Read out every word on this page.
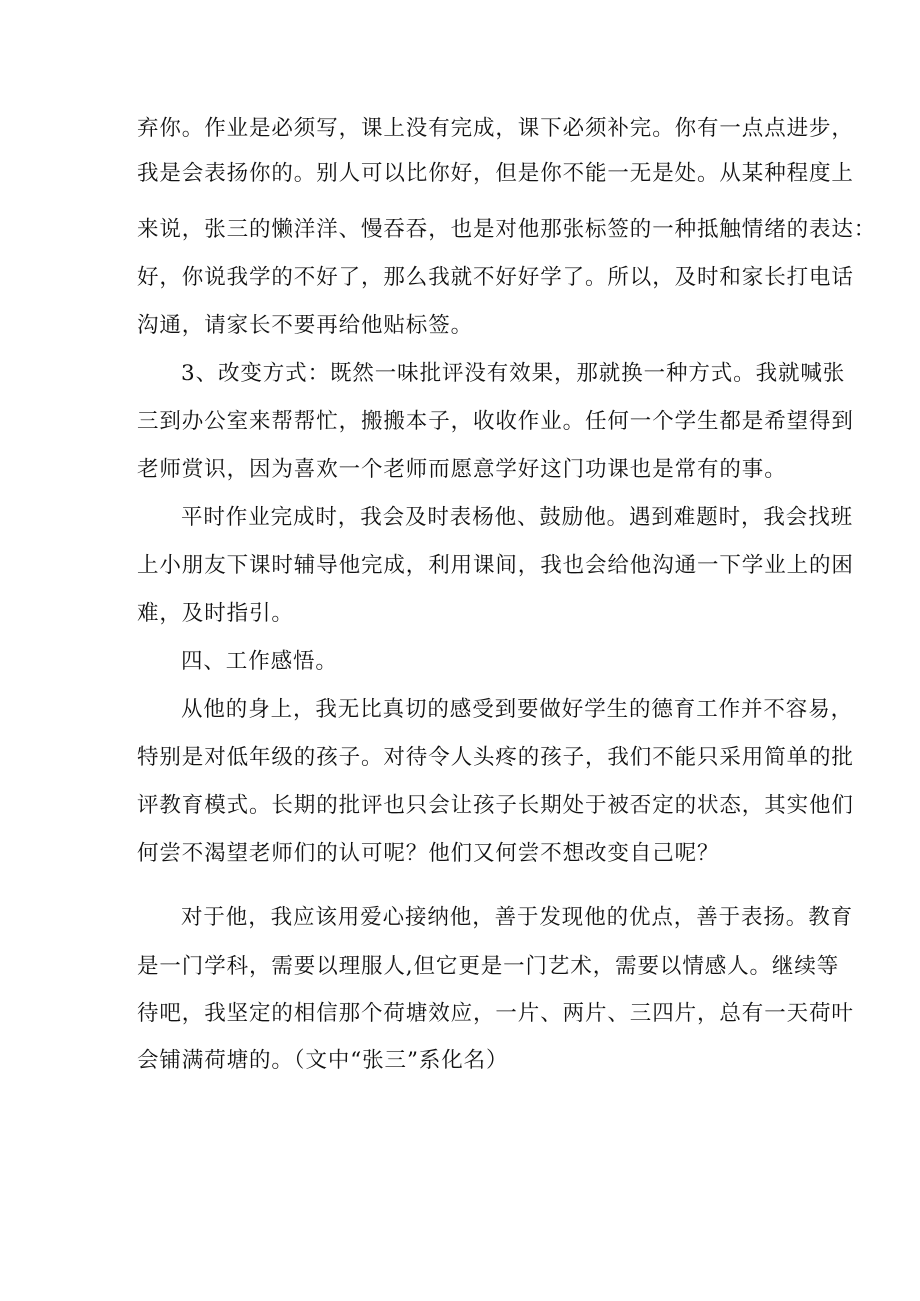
弃你。作业是必须写，课上没有完成，课下必须补完。你有一点点进步，

我是会表扬你的。别人可以比你好，但是你不能一无是处。从某种程度上

来说，张三的懒洋洋、慢吞吞，也是对他那张标签的一种抵触情绪的表达：

好，你说我学的不好了，那么我就不好好学了。所以，及时和家长打电话

沟通，请家长不要再给他贴标签。

3、改变方式：既然一味批评没有效果，那就换一种方式。我就喊张

三到办公室来帮帮忙，搬搬本子，收收作业。任何一个学生都是希望得到

老师赏识，因为喜欢一个老师而愿意学好这门功课也是常有的事。

平时作业完成时，我会及时表杨他、鼓励他。遇到难题时，我会找班

上小朋友下课时辅导他完成，利用课间，我也会给他沟通一下学业上的困

难，及时指引。

四、工作感悟。

从他的身上，我无比真切的感受到要做好学生的德育工作并不容易，

特别是对低年级的孩子。对待令人头疼的孩子，我们不能只采用简单的批

评教育模式。长期的批评也只会让孩子长期处于被否定的状态，其实他们

何尝不渴望老师们的认可呢？他们又何尝不想改变自己呢？

对于他，我应该用爱心接纳他，善于发现他的优点，善于表扬。教育

是一门学科，需要以理服人,但它更是一门艺术，需要以情感人。继续等

待吧，我坚定的相信那个荷塘效应，一片、两片、三四片，总有一天荷叶

会铺满荷塘的。（文中“张三”系化名）
